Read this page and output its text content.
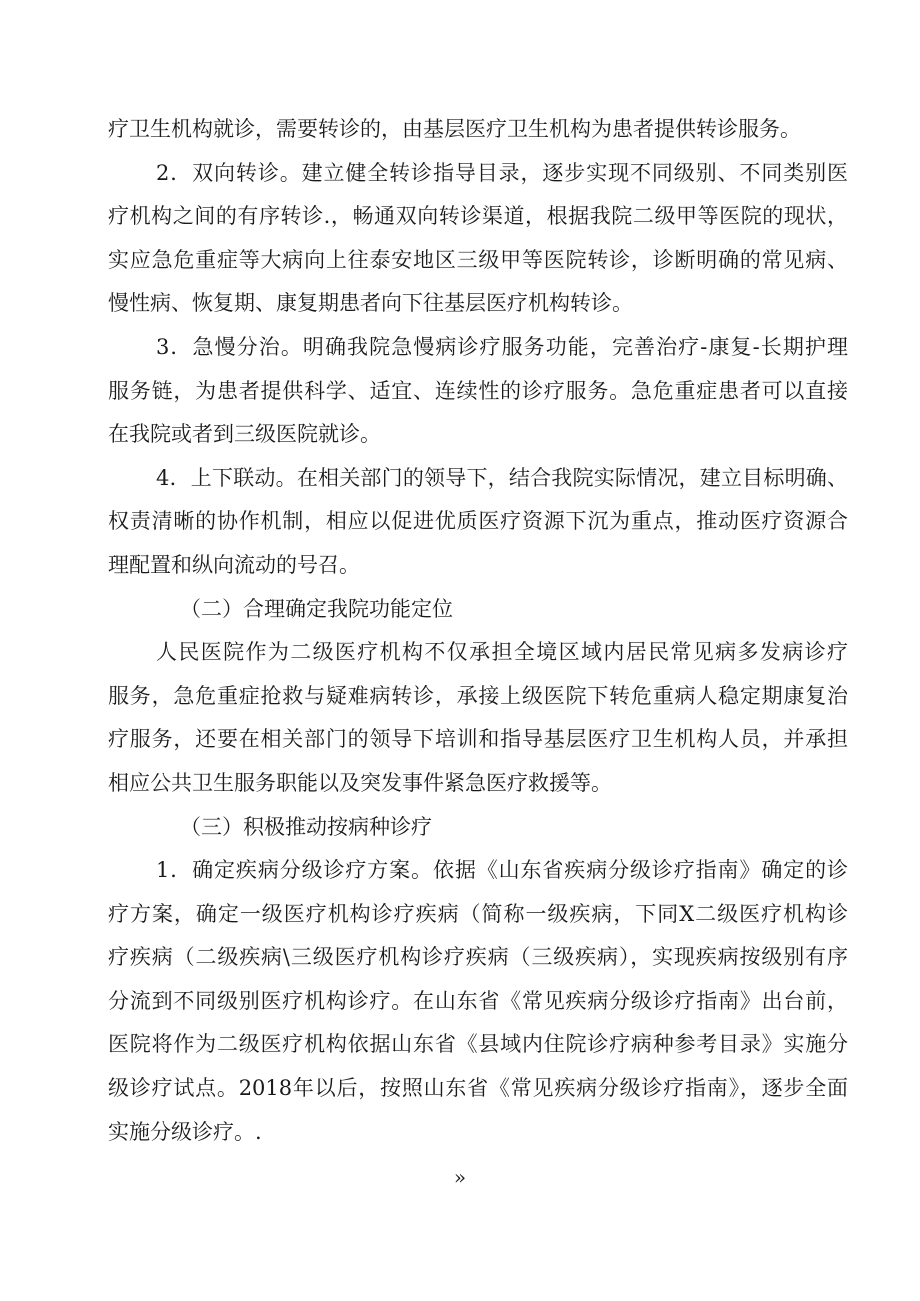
疗卫生机构就诊，需要转诊的，由基层医疗卫生机构为患者提供转诊服务。
2．双向转诊。建立健全转诊指导目录，逐步实现不同级别、不同类别医
疗机构之间的有序转诊.，畅通双向转诊渠道，根据我院二级甲等医院的现状，
实应急危重症等大病向上往泰安地区三级甲等医院转诊，诊断明确的常见病、
慢性病、恢复期、康复期患者向下往基层医疗机构转诊。
3．急慢分治。明确我院急慢病诊疗服务功能，完善治疗-康复-长期护理
服务链，为患者提供科学、适宜、连续性的诊疗服务。急危重症患者可以直接
在我院或者到三级医院就诊。
4．上下联动。在相关部门的领导下，结合我院实际情况，建立目标明确、
权责清晰的协作机制，相应以促进优质医疗资源下沉为重点，推动医疗资源合
理配置和纵向流动的号召。
（二）合理确定我院功能定位
人民医院作为二级医疗机构不仅承担全境区域内居民常见病多发病诊疗
服务，急危重症抢救与疑难病转诊，承接上级医院下转危重病人稳定期康复治
疗服务，还要在相关部门的领导下培训和指导基层医疗卫生机构人员，并承担
相应公共卫生服务职能以及突发事件紧急医疗救援等。
（三）积极推动按病种诊疗
1．确定疾病分级诊疗方案。依据《山东省疾病分级诊疗指南》确定的诊
疗方案，确定一级医疗机构诊疗疾病（简称一级疾病，下同X二级医疗机构诊
疗疾病（二级疾病\三级医疗机构诊疗疾病（三级疾病），实现疾病按级别有序
分流到不同级别医疗机构诊疗。在山东省《常见疾病分级诊疗指南》出台前，
医院将作为二级医疗机构依据山东省《县域内住院诊疗病种参考目录》实施分
级诊疗试点。2018年以后，按照山东省《常见疾病分级诊疗指南》，逐步全面
实施分级诊疗。.
»
